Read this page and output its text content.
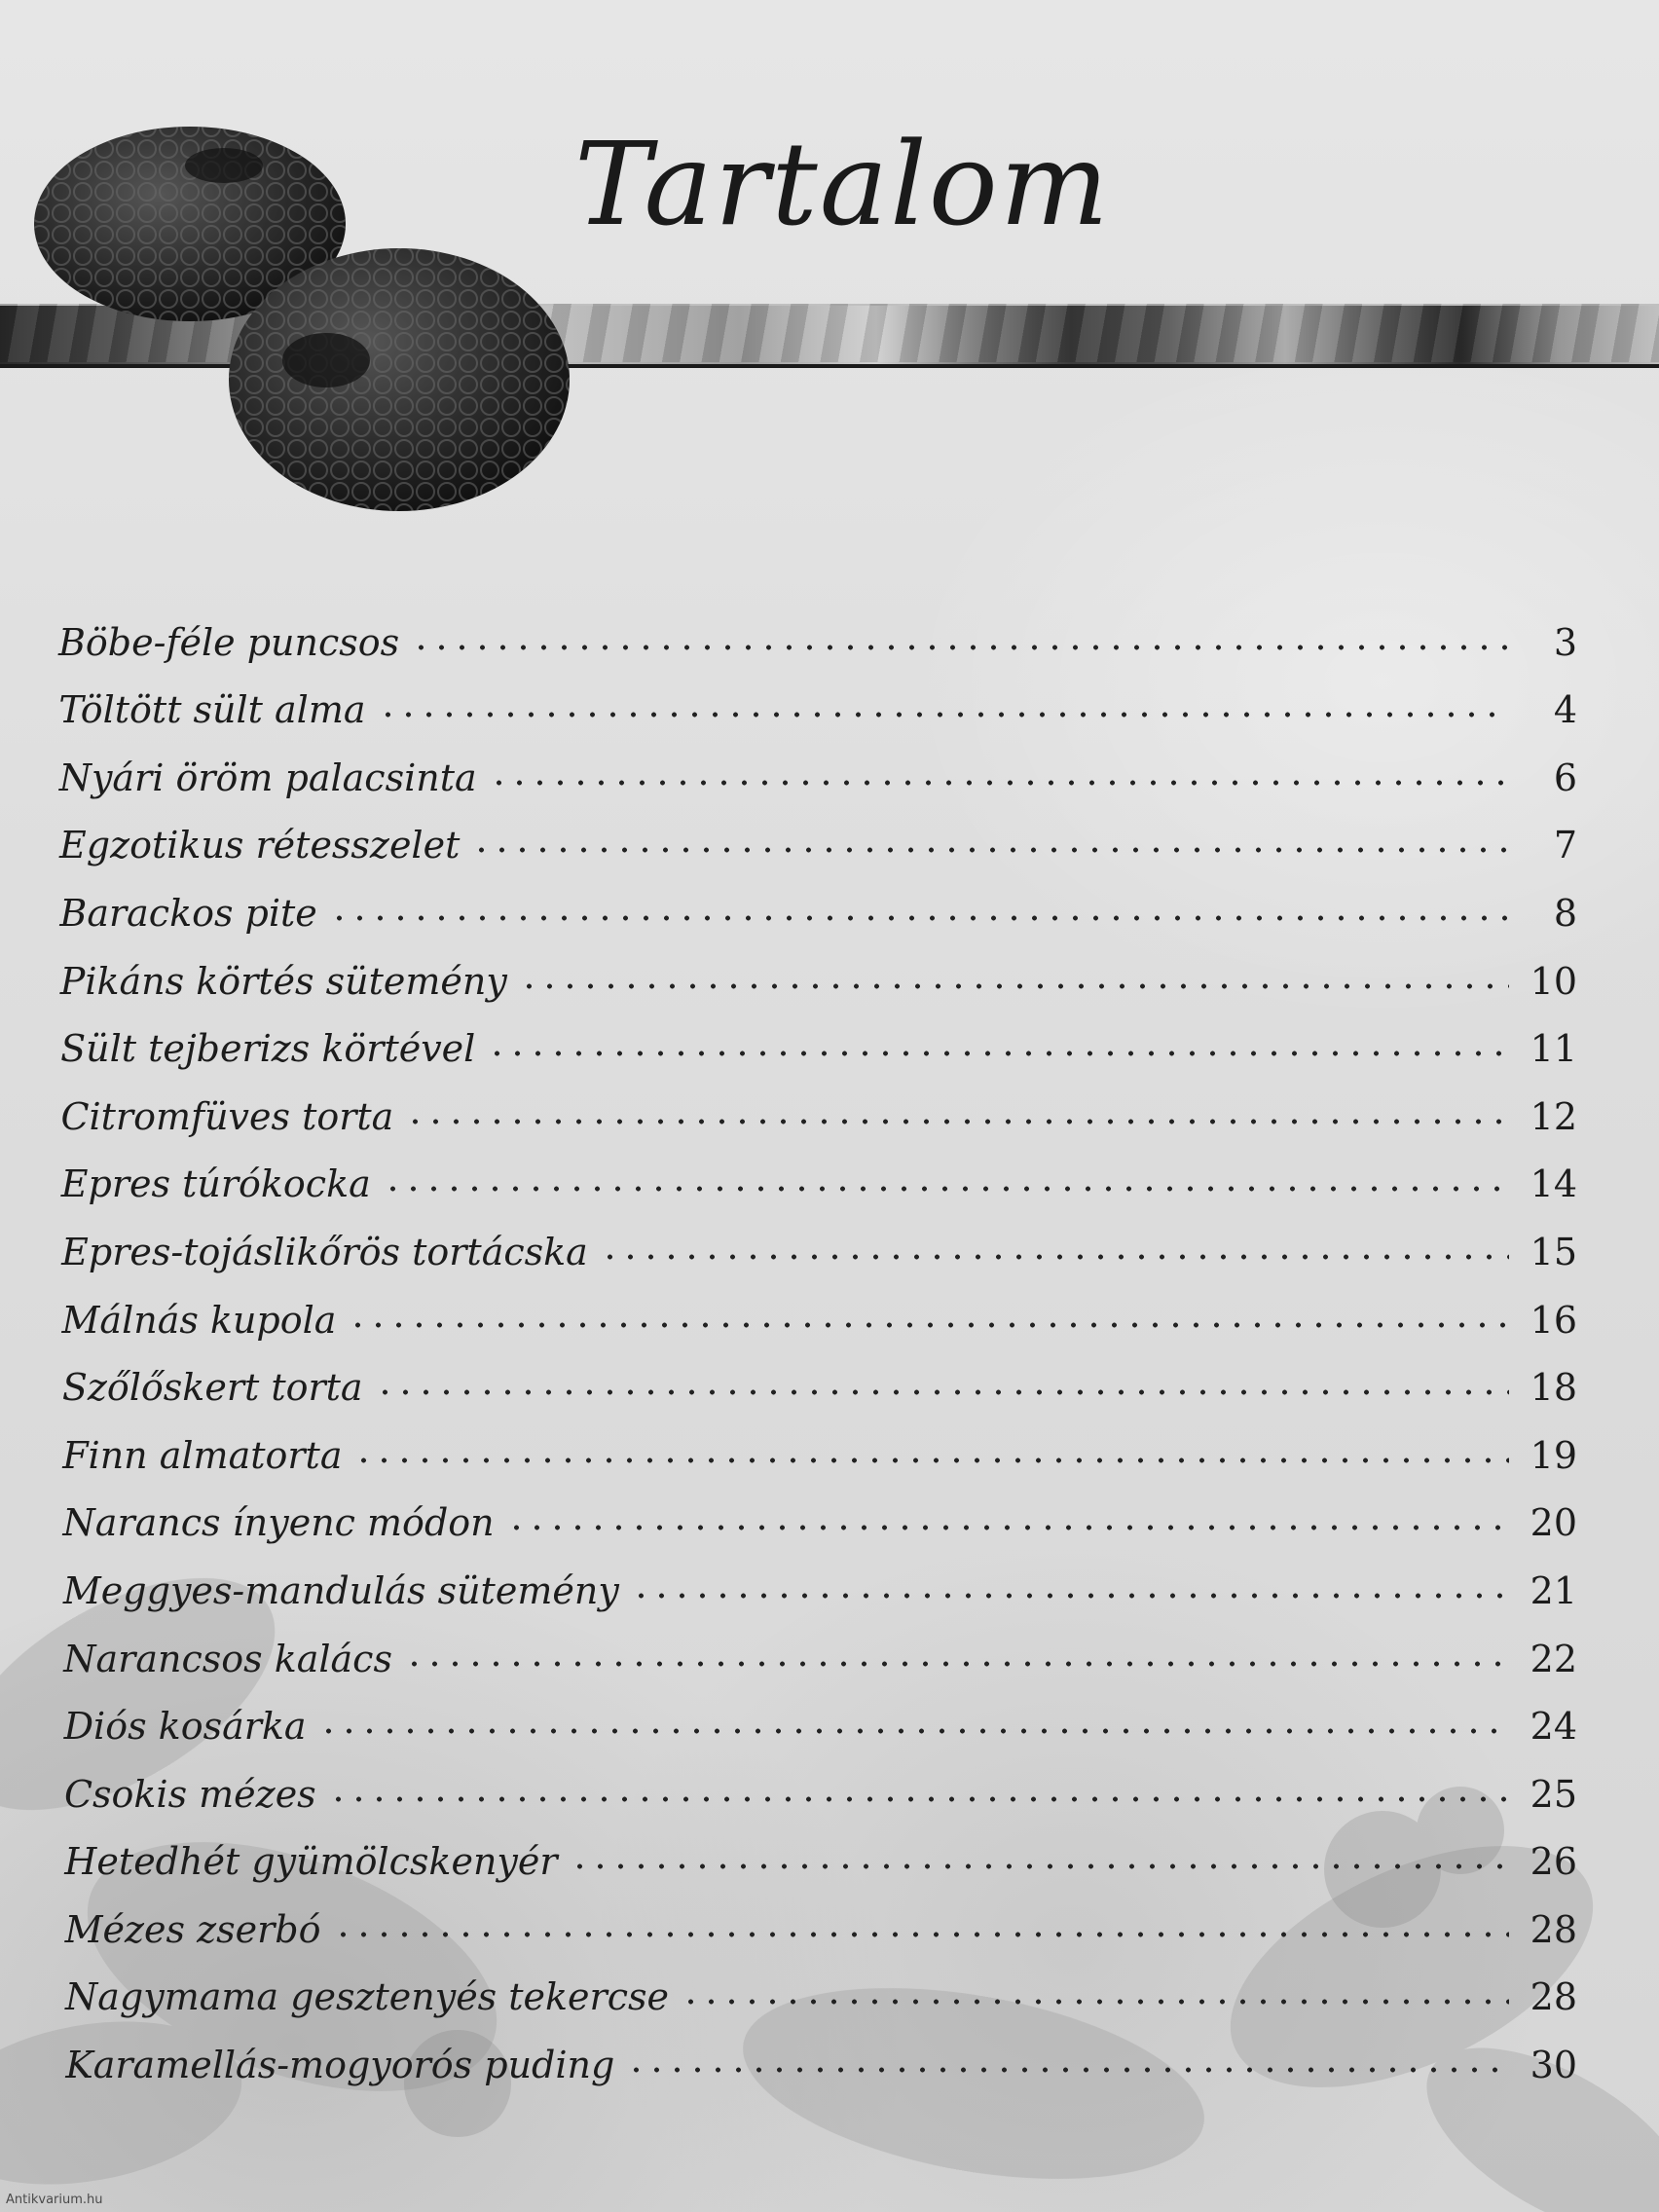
Tartalom
Böbe-féle puncsos	3
Töltött sült alma	4
Nyári öröm palacsinta	6
Egzotikus rétesszelet	7
Barackos pite	8
Pikáns körtés sütemény	10
Sült tejberizs körtével	11
Citromfüves torta	12
Epres túrókocka	14
Epres-tojáslikőrös tortácska	15
Málnás kupola	16
Szőlőskert torta	18
Finn almatorta	19
Narancs ínyenc módon	20
Meggyes-mandulás sütemény	21
Narancsos kalács	22
Diós kosárka	24
Csokis mézes	25
Hetedhét gyümölcskenyér	26
Mézes zserbó	28
Nagymama gesztenyés tekercse	28
Karamellás-mogyorós puding	30
Antikvarium.hu
